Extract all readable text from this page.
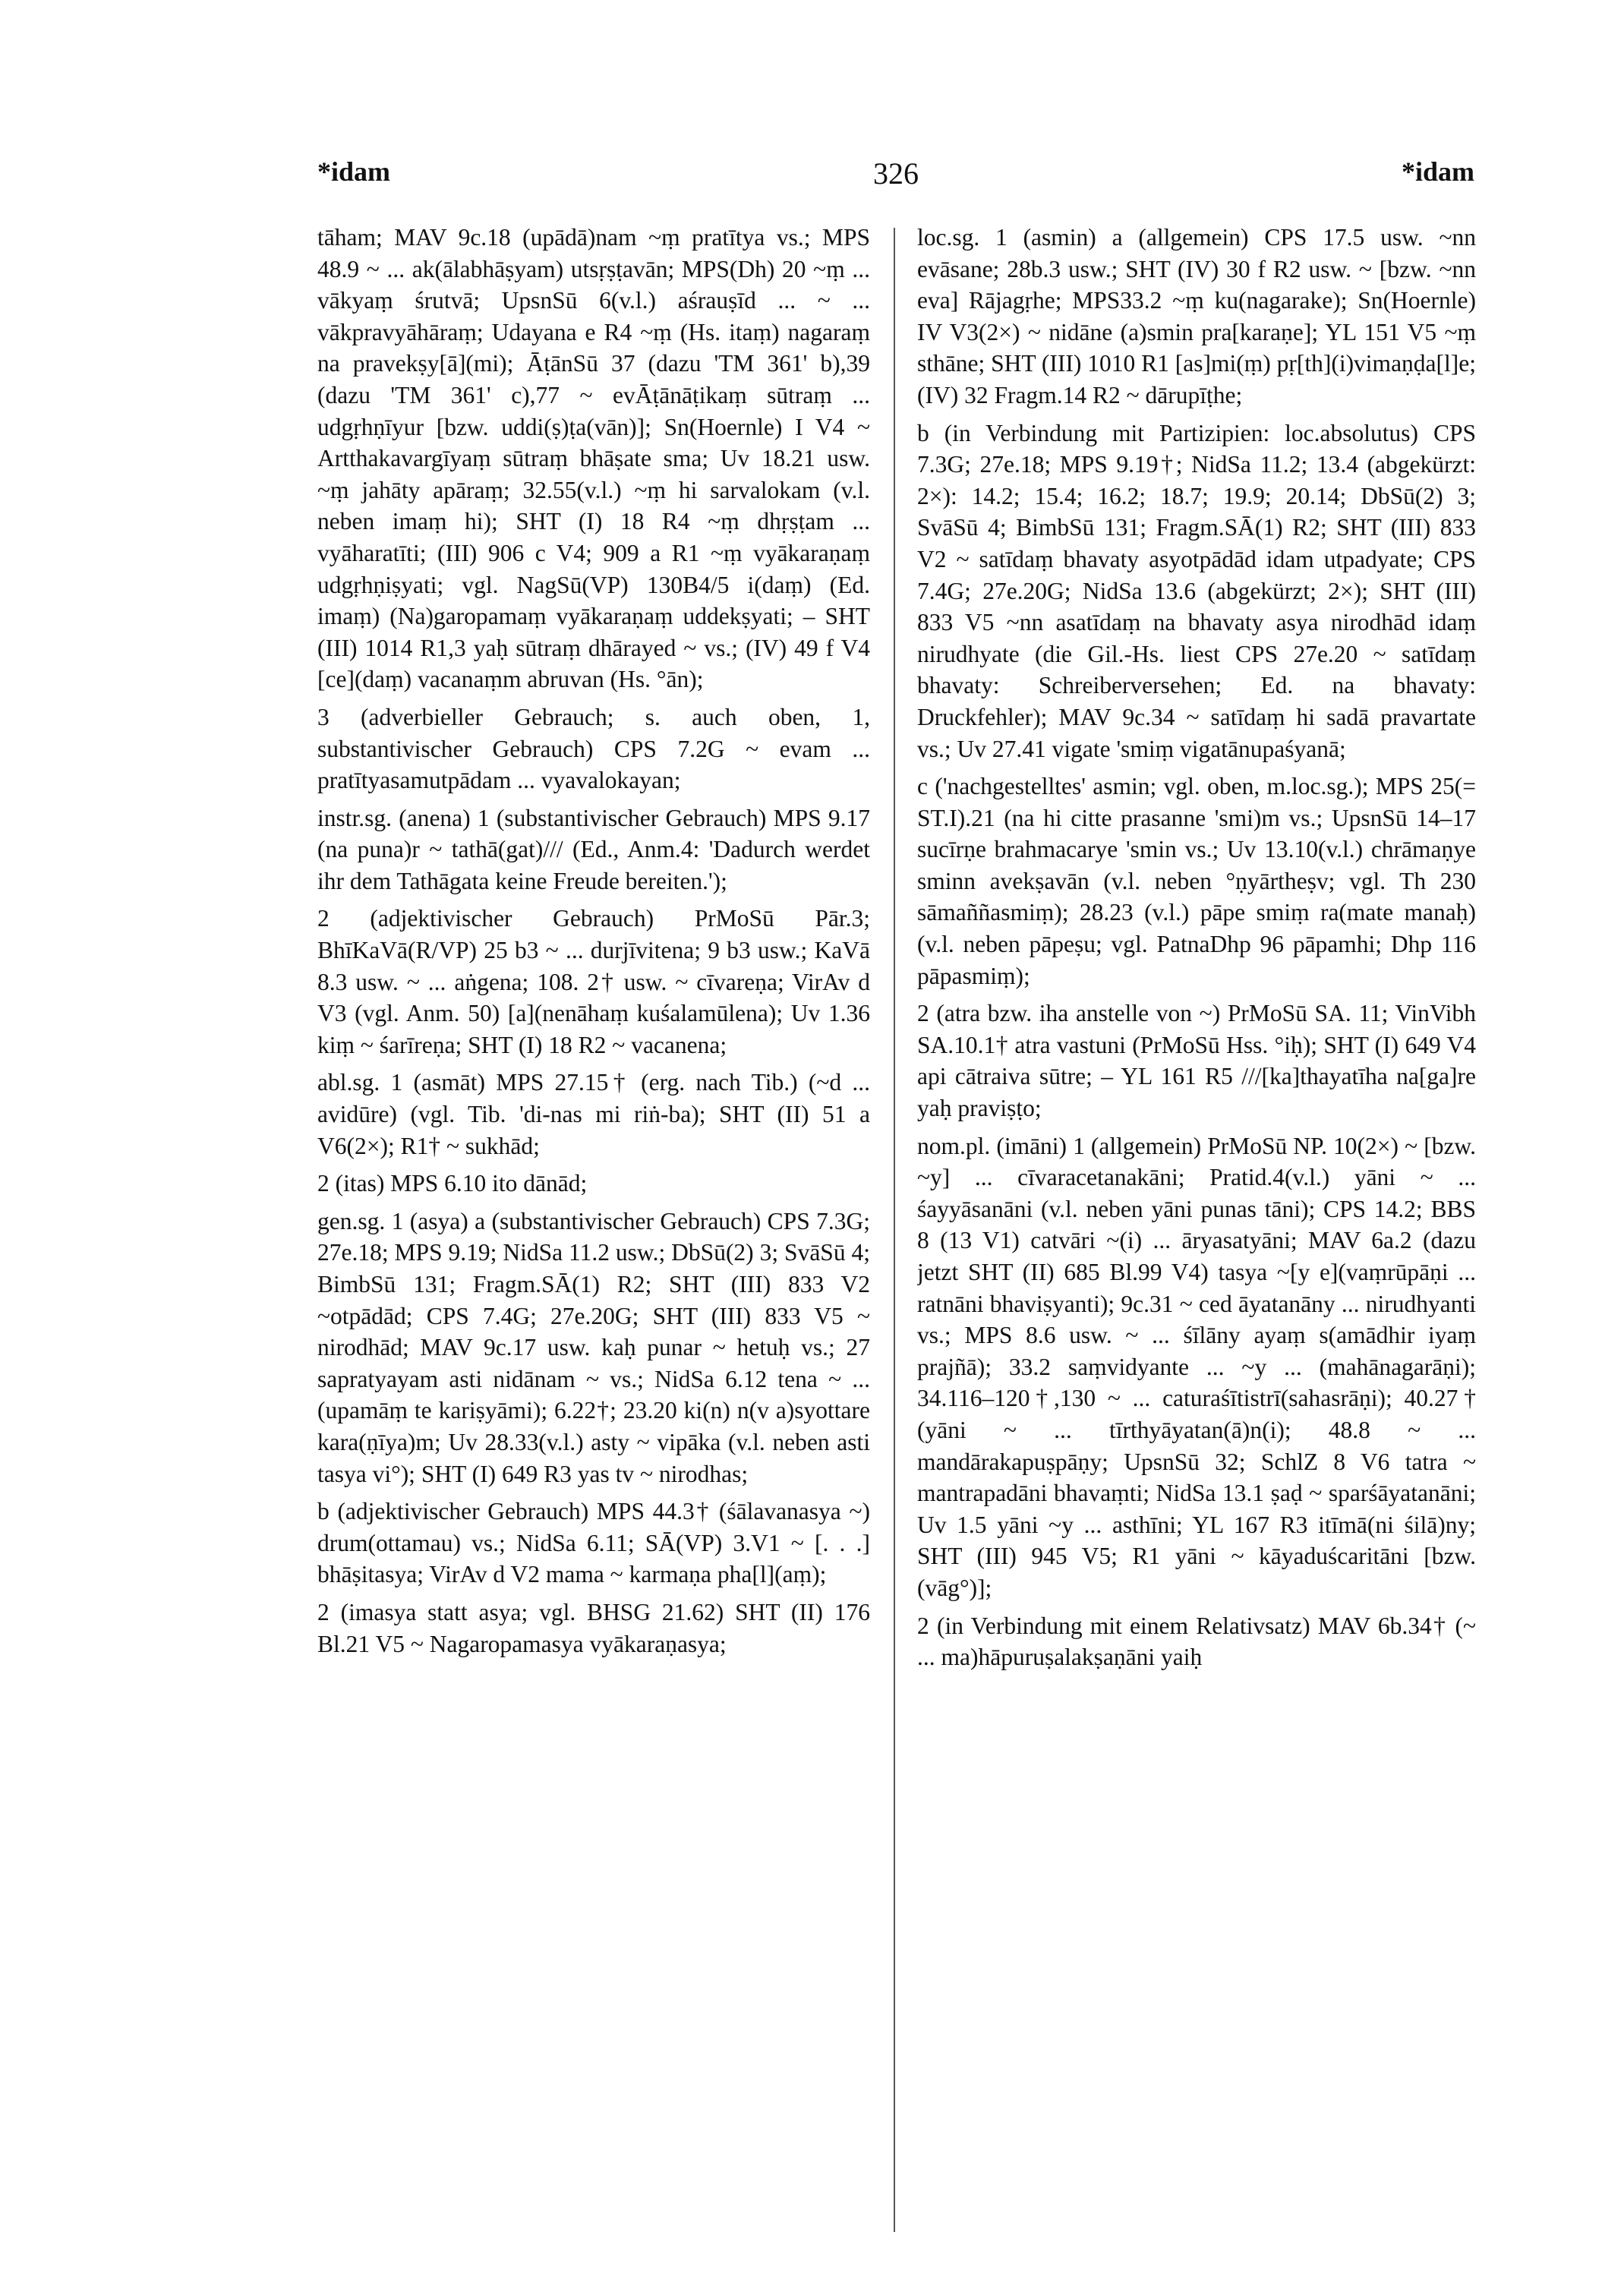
*idam	326	*idam

tāham; MAV 9c.18 (upādā)nam ~ṃ pratītya vs.; MPS 48.9 ~ ... ak(ālabhāṣyam) utsṛṣṭavān; MPS(Dh) 20 ~ṃ ... vākyaṃ śrutvā; UpsnSū 6(v.l.) aśrauṣīd ... ~ ... vākpravyāhāraṃ; Udayana e R4 ~ṃ (Hs. itaṃ) nagaraṃ na pravekṣy[ā](mi); ĀṭānSū 37 (dazu 'TM 361' b),39 (dazu 'TM 361' c),77 ~ evĀṭānāṭikaṃ sūtraṃ ... udgṛhṇīyur [bzw. uddi(ṣ)ṭa(vān)]; Sn(Hoernle) I V4 ~ Artthakavargīyaṃ sūtraṃ bhāṣate sma; Uv 18.21 usw. ~ṃ jahāty apāraṃ; 32.55(v.l.) ~ṃ hi sarvalokam (v.l. neben imaṃ hi); SHT (I) 18 R4 ~ṃ dhṛṣṭam ... vyāharatīti; (III) 906 c V4; 909 a R1 ~ṃ vyākaraṇaṃ udgṛhṇiṣyati; vgl. NagSū(VP) 130B4/5 i(daṃ) (Ed. imaṃ) (Na)garopamaṃ vyākaraṇaṃ uddekṣyati; – SHT (III) 1014 R1,3 yaḥ sūtraṃ dhārayed ~ vs.; (IV) 49 f V4 [ce](daṃ) vacanaṃm abruvan (Hs. °ān);

3 (adverbieller Gebrauch; s. auch oben, 1, substantivischer Gebrauch) CPS 7.2G ~ evam ... pratītyasamutpādam ... vyavalokayan;

instr.sg. (anena) 1 (substantivischer Gebrauch) MPS 9.17 (na puna)r ~ tathā(gat)/// (Ed., Anm.4: 'Dadurch werdet ihr dem Tathāgata keine Freude bereiten.');

2 (adjektivischer Gebrauch) PrMoSū Pār.3; BhīKaVā(R/VP) 25 b3 ~ ... durjīvitena; 9 b3 usw.; KaVā 8.3 usw. ~ ... aṅgena; 108. 2† usw. ~ cīvareṇa; VirAv d V3 (vgl. Anm. 50) [a](nenāhaṃ kuśalamūlena); Uv 1.36 kiṃ ~ śarīreṇa; SHT (I) 18 R2 ~ vacanena;

abl.sg. 1 (asmāt) MPS 27.15† (erg. nach Tib.) (~d ... avidūre) (vgl. Tib. 'di-nas mi riṅ-ba); SHT (II) 51 a V6(2×); R1† ~ sukhād;

2 (itas) MPS 6.10 ito dānād;

gen.sg. 1 (asya) a (substantivischer Gebrauch) CPS 7.3G; 27e.18; MPS 9.19; NidSa 11.2 usw.; DbSū(2) 3; SvāSū 4; BimbSū 131; Fragm.SĀ(1) R2; SHT (III) 833 V2 ~otpādād; CPS 7.4G; 27e.20G; SHT (III) 833 V5 ~ nirodhād; MAV 9c.17 usw. kaḥ punar ~ hetuḥ vs.; 27 sapratyayam asti nidānam ~ vs.; NidSa 6.12 tena ~ ... (upamāṃ te kariṣyāmi); 6.22†; 23.20 ki(n) n(v a)syottare kara(ṇīya)m; Uv 28.33(v.l.) asty ~ vipāka (v.l. neben asti tasya vi°); SHT (I) 649 R3 yas tv ~ nirodhas;

b (adjektivischer Gebrauch) MPS 44.3† (śālavanasya ~) drum(ottamau) vs.; NidSa 6.11; SĀ(VP) 3.V1 ~ [. . .] bhāṣitasya; VirAv d V2 mama ~ karmaṇa pha[l](aṃ);

2 (imasya statt asya; vgl. BHSG 21.62) SHT (II) 176 Bl.21 V5 ~ Nagaropamasya vyākaraṇasya;

loc.sg. 1 (asmin) a (allgemein) CPS 17.5 usw. ~nn evāsane; 28b.3 usw.; SHT (IV) 30 f R2 usw. ~ [bzw. ~nn eva] Rājagṛhe; MPS33.2 ~ṃ ku(nagarake); Sn(Hoernle) IV V3(2×) ~ nidāne (a)smin pra[karaṇe]; YL 151 V5 ~ṃ sthāne; SHT (III) 1010 R1 [as]mi(ṃ) pṛ[th](i)vimaṇḍa[l]e; (IV) 32 Fragm.14 R2 ~ dārupīṭhe;

b (in Verbindung mit Partizipien: loc.absolutus) CPS 7.3G; 27e.18; MPS 9.19†; NidSa 11.2; 13.4 (abgekürzt: 2×): 14.2; 15.4; 16.2; 18.7; 19.9; 20.14; DbSū(2) 3; SvāSū 4; BimbSū 131; Fragm.SĀ(1) R2; SHT (III) 833 V2 ~ satīdaṃ bhavaty asyotpādād idam utpadyate; CPS 7.4G; 27e.20G; NidSa 13.6 (abgekürzt; 2×); SHT (III) 833 V5 ~nn asatīdaṃ na bhavaty asya nirodhād idaṃ nirudhyate (die Gil.-Hs. liest CPS 27e.20 ~ satīdaṃ bhavaty: Schreiberversehen; Ed. na bhavaty: Druckfehler); MAV 9c.34 ~ satīdaṃ hi sadā pravartate vs.; Uv 27.41 vigate 'smiṃ vigatānupaśyanā;

c ('nachgestelltes' asmin; vgl. oben, m.loc.sg.); MPS 25(= ST.I).21 (na hi citte prasanne 'smi)m vs.; UpsnSū 14–17 sucīrṇe brahmacarye 'smin vs.; Uv 13.10(v.l.) chrāmaṇye sminn avekṣavān (v.l. neben °ṇyārtheṣv; vgl. Th 230 sāmaññasmiṃ); 28.23 (v.l.) pāpe smiṃ ra(mate manaḥ) (v.l. neben pāpeṣu; vgl. PatnaDhp 96 pāpamhi; Dhp 116 pāpasmiṃ);

2 (atra bzw. iha anstelle von ~) PrMoSū SA. 11; VinVibh SA.10.1† atra vastuni (PrMoSū Hss. °iḥ); SHT (I) 649 V4 api cātraiva sūtre; – YL 161 R5 ///[ka]thayatīha na[ga]re yaḥ praviṣṭo;

nom.pl. (imāni) 1 (allgemein) PrMoSū NP. 10(2×) ~ [bzw. ~y] ... cīvaracetanakāni; Pratid.4(v.l.) yāni ~ ... śayyāsanāni (v.l. neben yāni punas tāni); CPS 14.2; BBS 8 (13 V1) catvāri ~(i) ... āryasatyāni; MAV 6a.2 (dazu jetzt SHT (II) 685 Bl.99 V4) tasya ~[y e](vaṃrūpāṇi ... ratnāni bhaviṣyanti); 9c.31 ~ ced āyatanāny ... nirudhyanti vs.; MPS 8.6 usw. ~ ... śīlāny ayaṃ s(amādhir iyaṃ prajñā); 33.2 saṃvidyante ... ~y ... (mahānagarāṇi); 34.116–120†,130 ~ ... caturaśītistrī(sahasrāṇi); 40.27† (yāni ~ ... tīrthyāyatan(ā)n(i); 48.8 ~ ... mandārakapuṣpāṇy; UpsnSū 32; SchlZ 8 V6 tatra ~ mantrapadāni bhavaṃti; NidSa 13.1 ṣaḍ ~ sparśāyatanāni; Uv 1.5 yāni ~y ... asthīni; YL 167 R3 itīmā(ni śilā)ny; SHT (III) 945 V5; R1 yāni ~ kāyaduścaritāni [bzw. (vāg°)];

2 (in Verbindung mit einem Relativsatz) MAV 6b.34† (~ ... ma)hāpuruṣalakṣaṇāni yaiḥ
